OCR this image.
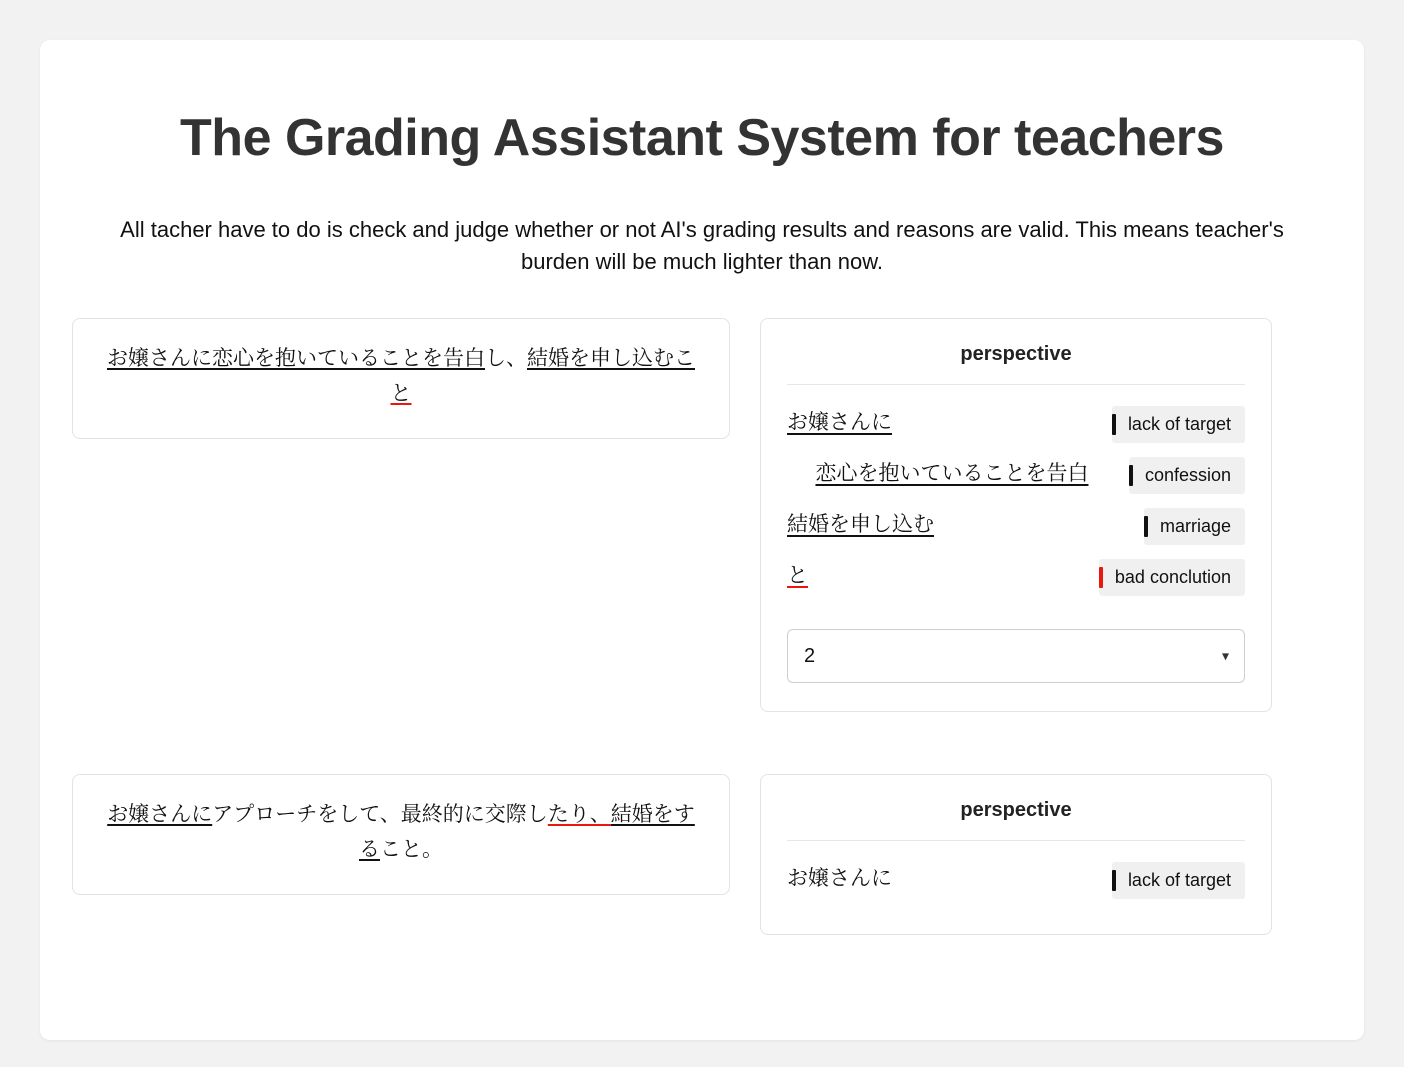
The Grading Assistant System for teachers

All tacher have to do is check and judge whether or not AI's grading results and reasons are valid. This means teacher's burden will be much lighter than now.

お嬢さんに恋心を抱いていることを告白し、結婚を申し込むこと
perspective
お嬢さんに	lack of target
恋心を抱いていることを告白	confession
結婚を申し込む	marriage
と	bad conclution
2
▾
お嬢さんにアプローチをして、最終的に交際したり、結婚をすること。
perspective
お嬢さんに	lack of target
